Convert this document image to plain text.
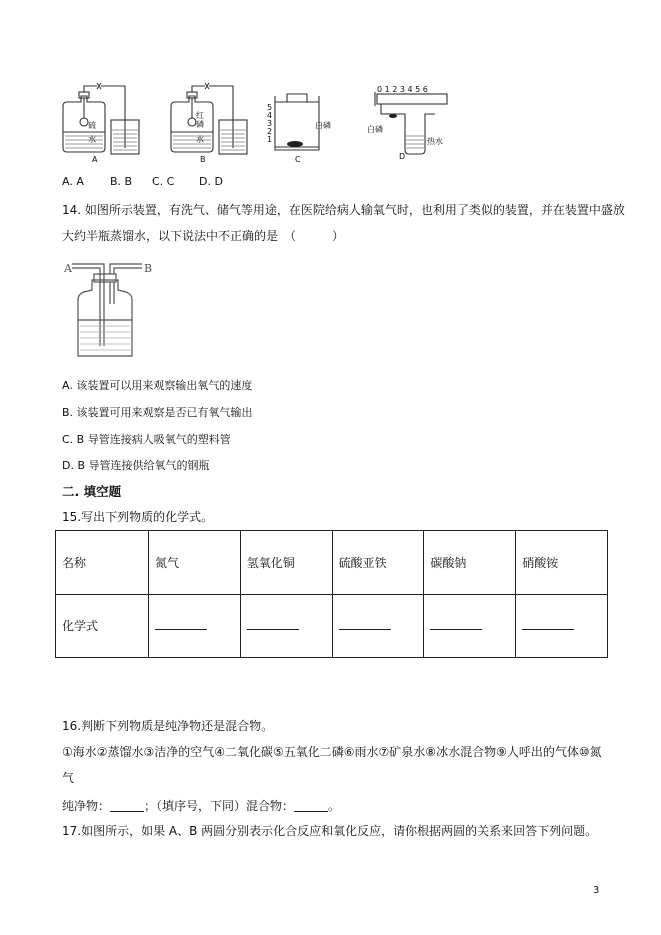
硫
水
A
红磷
水
B
5
4
3
2
1
白磷
C
0 1 2 3 4 5 6
白磷
热水
D
A. A B. B C. C D. D
14. 如图所示装置，有洗气、储气等用途，在医院给病人输氧气时，也利用了类似的装置，并在装置中盛放
大约半瓶蒸馏水，以下说法中不正确的是　（　　　）
A	B
A. 该装置可以用来观察输出氧气的速度
B. 该装置可用来观察是否已有氧气输出
C. B 导管连接病人吸氧气的塑料管
D. B 导管连接供给氧气的钢瓶
二. 填空题
15.写出下列物质的化学式。
名称	氮气	氢氧化铜	硫酸亚铁	碳酸钠	硝酸铵
化学式					
16.判断下列物质是纯净物还是混合物。
①海水②蒸馏水③洁净的空气④二氧化碳⑤五氧化二磷⑥雨水⑦矿泉水⑧冰水混合物⑨人呼出的气体⑩氮
气
纯净物：	；（填序号，下同）混合物：	。
17.如图所示，如果 A、B 两圆分别表示化合反应和氧化反应，请你根据两圆的关系来回答下列问题。
3
